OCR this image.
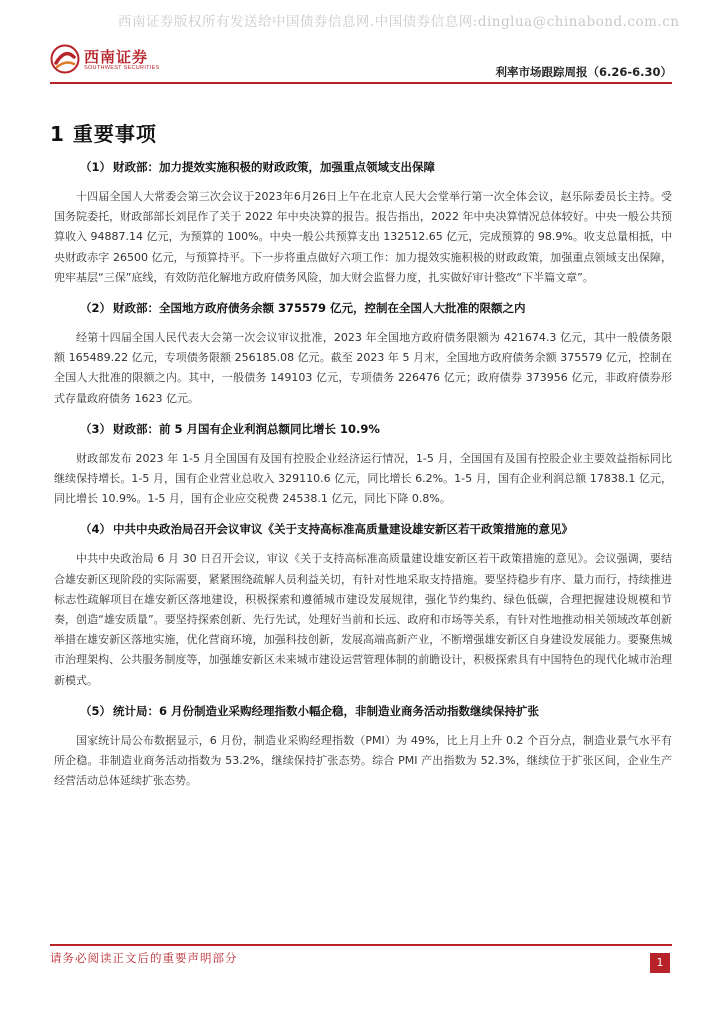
西南证券版权所有发送给中国债券信息网.中国债券信息网:dinglua@chinabond.com.cn
西南证券
SOUTHWEST SECURITIES	利率市场跟踪周报（6.26-6.30）
1 重要事项

（1） 财政部：加力提效实施积极的财政政策，加强重点领域支出保障

十四届全国人大常委会第三次会议于2023年6月26日上午在北京人民大会堂举行第一次全体会议，赵乐际委员长主持。受国务院委托，财政部部长刘昆作了关于 2022 年中央决算的报告。报告指出，2022 年中央决算情况总体较好。中央一般公共预算收入 94887.14 亿元，为预算的 100%。中央一般公共预算支出 132512.65 亿元，完成预算的 98.9%。收支总量相抵，中央财政赤字 26500 亿元，与预算持平。下一步将重点做好六项工作：加力提效实施积极的财政政策，加强重点领域支出保障，兜牢基层“三保”底线，有效防范化解地方政府债务风险，加大财会监督力度，扎实做好审计整改“下半篇文章”。

（2） 财政部：全国地方政府债务余额 375579 亿元，控制在全国人大批准的限额之内

经第十四届全国人民代表大会第一次会议审议批准，2023 年全国地方政府债务限额为 421674.3 亿元，其中一般债务限额 165489.22 亿元，专项债务限额 256185.08 亿元。截至 2023 年 5 月末，全国地方政府债务余额 375579 亿元，控制在全国人大批准的限额之内。其中，一般债务 149103 亿元，专项债务 226476 亿元；政府债券 373956 亿元，非政府债券形式存量政府债务 1623 亿元。

（3） 财政部：前 5 月国有企业利润总额同比增长 10.9%

财政部发布 2023 年 1-5 月全国国有及国有控股企业经济运行情况，1-5 月，全国国有及国有控股企业主要效益指标同比继续保持增长。1-5 月，国有企业营业总收入 329110.6 亿元，同比增长 6.2%。1-5 月，国有企业利润总额 17838.1 亿元，同比增长 10.9%。1-5 月，国有企业应交税费 24538.1 亿元，同比下降 0.8%。

（4） 中共中央政治局召开会议审议《关于支持高标准高质量建设雄安新区若干政策措施的意见》

中共中央政治局 6 月 30 日召开会议，审议《关于支持高标准高质量建设雄安新区若干政策措施的意见》。会议强调，要结合雄安新区现阶段的实际需要，紧紧围绕疏解人员利益关切，有针对性地采取支持措施。要坚持稳步有序、量力而行，持续推进标志性疏解项目在雄安新区落地建设，积极探索和遵循城市建设发展规律，强化节约集约、绿色低碳，合理把握建设规模和节奏，创造“雄安质量”。要坚持探索创新、先行先试，处理好当前和长远、政府和市场等关系，有针对性地推动相关领域改革创新举措在雄安新区落地实施，优化营商环境，加强科技创新，发展高端高新产业，不断增强雄安新区自身建设发展能力。要聚焦城市治理架构、公共服务制度等，加强雄安新区未来城市建设运营管理体制的前瞻设计，积极探索具有中国特色的现代化城市治理新模式。

（5） 统计局：6 月份制造业采购经理指数小幅企稳，非制造业商务活动指数继续保持扩张

国家统计局公布数据显示，6 月份，制造业采购经理指数（PMI）为 49%，比上月上升 0.2 个百分点，制造业景气水平有所企稳。非制造业商务活动指数为 53.2%，继续保持扩张态势。综合 PMI 产出指数为 52.3%，继续位于扩张区间，企业生产经营活动总体延续扩张态势。

请务必阅读正文后的重要声明部分	1
